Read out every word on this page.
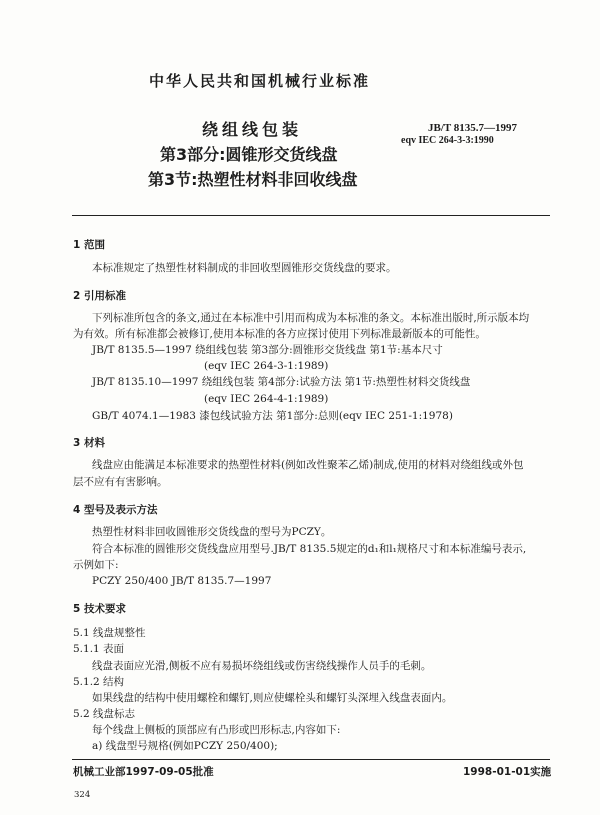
中华人民共和国机械行业标准
绕组线包装
第3部分:圆锥形交货线盘
第3节:热塑性材料非回收线盘
JB/T 8135.7—1997
eqv IEC 264-3-3:1990
1 范围
本标准规定了热塑性材料制成的非回收型圆锥形交货线盘的要求。
2 引用标准
下列标准所包含的条文,通过在本标准中引用而构成为本标准的条文。本标准出版时,所示版本均
为有效。所有标准都会被修订,使用本标准的各方应探讨使用下列标准最新版本的可能性。
JB/T 8135.5—1997 绕组线包装 第3部分:圆锥形交货线盘 第1节:基本尺寸
(eqv IEC 264-3-1:1989)
JB/T 8135.10—1997 绕组线包装 第4部分:试验方法 第1节:热塑性材料交货线盘
(eqv IEC 264-4-1:1989)
GB/T 4074.1—1983 漆包线试验方法 第1部分:总则(eqv IEC 251-1:1978)
3 材料
线盘应由能满足本标准要求的热塑性材料(例如改性聚苯乙烯)制成,使用的材料对绕组线或外包
层不应有有害影响。
4 型号及表示方法
热塑性材料非回收圆锥形交货线盘的型号为PCZY。
符合本标准的圆锥形交货线盘应用型号.JB/T 8135.5规定的d₁和l₁规格尺寸和本标准编号表示,
示例如下:
PCZY 250/400 JB/T 8135.7—1997
5 技术要求
5.1 线盘规整性
5.1.1 表面
线盘表面应光滑,侧板不应有易损坏绕组线或伤害绕线操作人员手的毛刺。
5.1.2 结构
如果线盘的结构中使用螺栓和螺钉,则应使螺栓头和螺钉头深埋入线盘表面内。
5.2 线盘标志
每个线盘上侧板的顶部应有凸形或凹形标志,内容如下:
a) 线盘型号规格(例如PCZY 250/400);
机械工业部1997-09-05批准	1998-01-01实施
324
